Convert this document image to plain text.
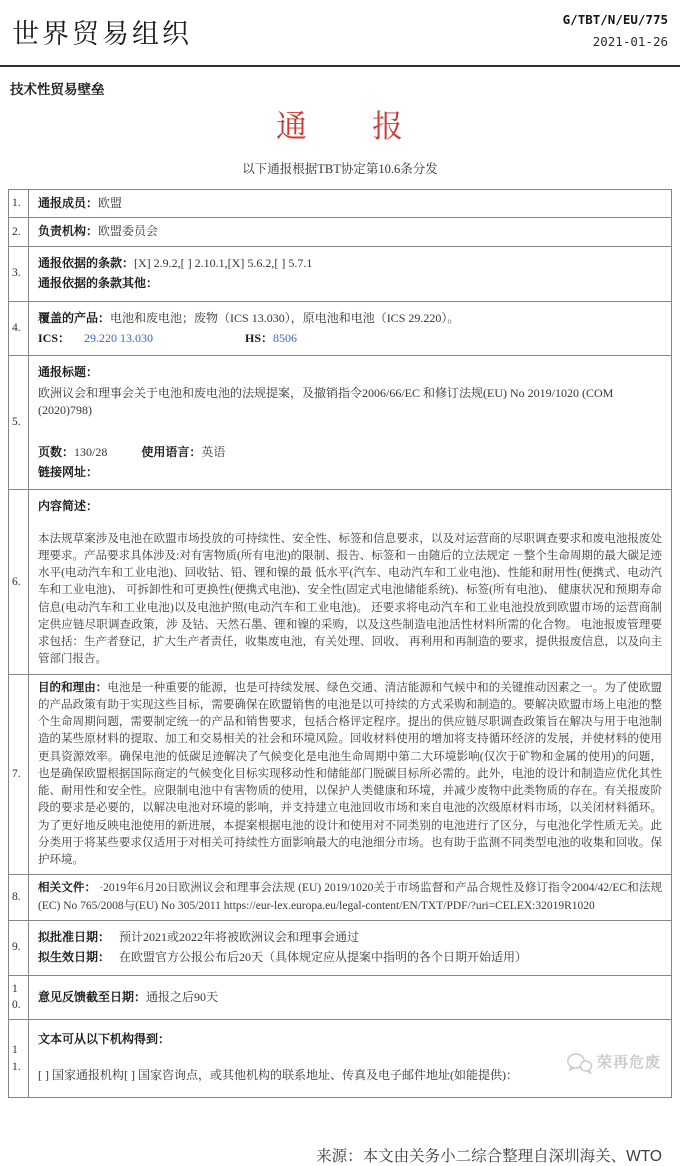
世界贸易组织	G/TBT/N/EU/775
2021-01-26
技术性贸易壁垒
通　　报
以下通报根据TBT协定第10.6条分发
1.	通报成员：欧盟
2.	负责机构：欧盟委员会
3.	通报依据的条款：[X] 2.9.2,[ ] 2.10.1,[X] 5.6.2,[ ] 5.7.1
通报依据的条款其他：

4.	覆盖的产品：电池和废电池；废物（ICS 13.030），原电池和电池（ICS 29.220）。
ICS： 29.220 13.030 HS：8506

5.	通报标题：
欧洲议会和理事会关于电池和废电池的法规提案，及撤销指令2006/66/EC 和修订法规(EU) No 2019/1020 (COM (2020)798)
页数：130/28 使用语言：英语
链接网址：

6.	内容简述：

本法规草案涉及电池在欧盟市场投放的可持续性、安全性、标签和信息要求，以及对运营商的尽职调查要求和废电池报废处理要求。产品要求具体涉及:对有害物质(所有电池)的限制、报告、标签和－由随后的立法规定 －整个生命周期的最大碳足迹水平(电动汽车和工业电池)、回收钴、铅、锂和镍的最 低水平(汽车、电动汽车和工业电池)、性能和耐用性(便携式、电动汽车和工业电池)、 可拆卸性和可更换性(便携式电池)、安全性(固定式电池储能系统)、标签(所有电池)、 健康状况和预期寿命信息(电动汽车和工业电池)以及电池护照(电动汽车和工业电池)。 还要求将电动汽车和工业电池投放到欧盟市场的运营商制定供应链尽职调查政策，涉 及钴、天然石墨、锂和镍的采购，以及这些制造电池活性材料所需的化合物。 电池报废管理要求包括：生产者登记，扩大生产者责任，收集废电池，有关处理、回收、 再利用和再制造的要求，提供报废信息，以及向主管部门报告。

7.	目的和理由：电池是一种重要的能源，也是可持续发展、绿色交通、清洁能源和气候中和的关键推动因素之一。为了使欧盟的产品政策有助于实现这些目标，需要确保在欧盟销售的电池是以可持续的方式采购和制造的。要解决欧盟市场上电池的整个生命周期问题，需要制定统一的产品和销售要求，包括合格评定程序。提出的供应链尽职调查政策旨在解决与用于电池制造的某些原材料的提取、加工和交易相关的社会和环境风险。回收材料使用的增加将支持循环经济的发展，并使材料的使用更具资源效率。确保电池的低碳足迹解决了气候变化是电池生命周期中第二大环境影响(仅次于矿物和金属的使用)的问题，也是确保欧盟根据国际商定的气候变化目标实现移动性和储能部门脱碳目标所必需的。此外，电池的设计和制造应优化其性能、耐用性和安全性。应限制电池中有害物质的使用，以保护人类健康和环境，并减少废物中此类物质的存在。有关报废阶段的要求是必要的，以解决电池对环境的影响，并支持建立电池回收市场和来自电池的次级原材料市场，以关闭材料循环。为了更好地反映电池使用的新进展，本提案根据电池的设计和使用对不同类别的电池进行了区分，与电池化学性质无关。此分类用于将某些要求仅适用于对相关可持续性方面影响最大的电池细分市场。也有助于监测不同类型电池的收集和回收。保护环境。

8.	相关文件： ·2019年6月20日欧洲议会和理事会法规 (EU) 2019/1020关于市场监督和产品合规性及修订指令2004/42/EC和法规(EC) No 765/2008与(EU) No 305/2011 https://eur-lex.europa.eu/legal-content/EN/TXT/PDF/?uri=CELEX:32019R1020

9.	拟批准日期： 预计2021或2022年将被欧洲议会和理事会通过
拟生效日期： 在欧盟官方公报公布后20天（具体规定应从提案中指明的各个日期开始适用）

10.	意见反馈截至日期：通报之后90天
11.	文本可从以下机构得到：
[ ] 国家通报机构[ ] 国家咨询点，或其他机构的联系地址、传真及电子邮件地址(如能提供)：
荣再危废
来源：本文由关务小二综合整理自深圳海关、WTO
